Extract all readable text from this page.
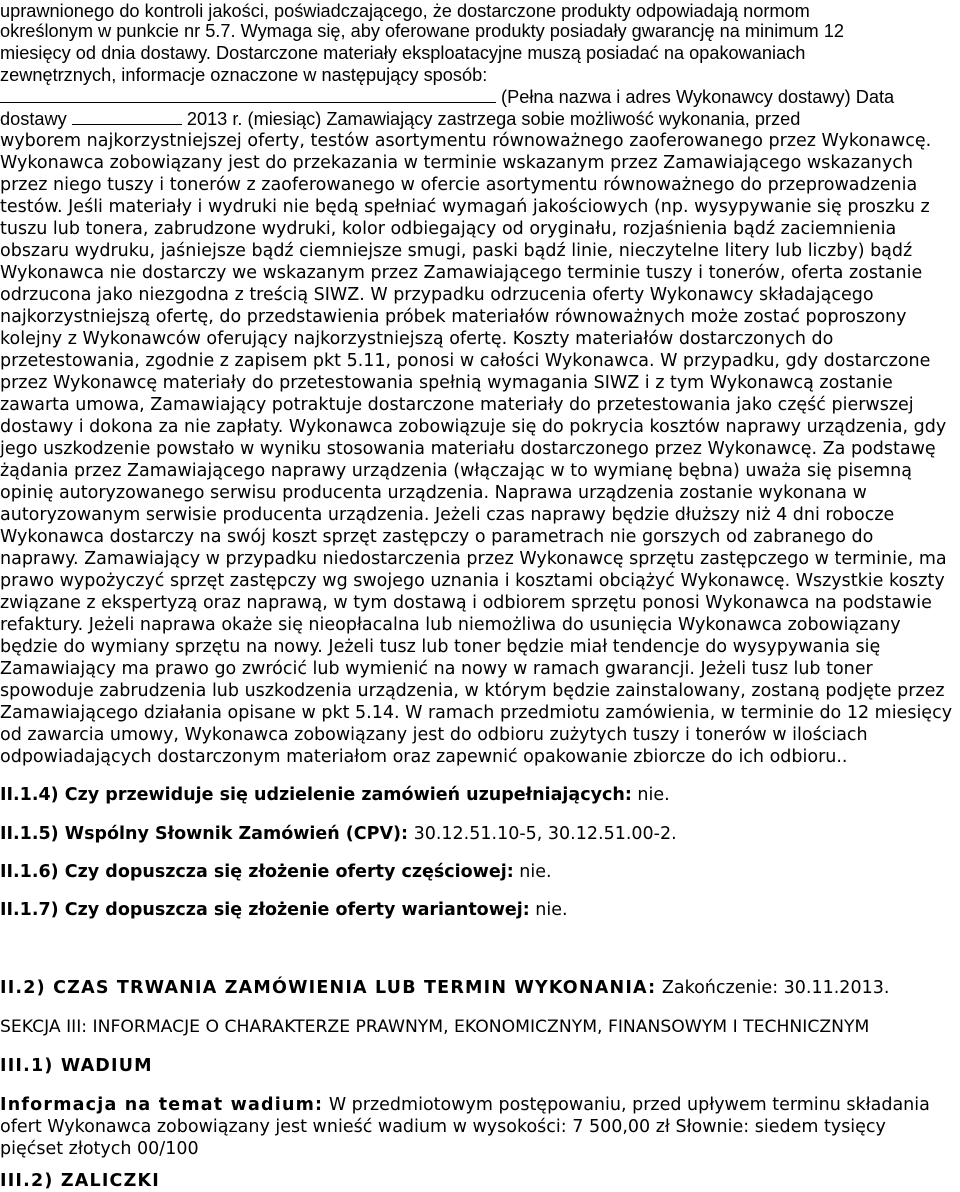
uprawnionego do kontroli jakości, poświadczającego, że dostarczone produkty odpowiadają normom
określonym w punkcie nr 5.7. Wymaga się, aby oferowane produkty posiadały gwarancję na minimum 12
miesięcy od dnia dostawy. Dostarczone materiały eksploatacyjne muszą posiadać na opakowaniach
zewnętrznych, informacje oznaczone w następujący sposób:
(Pełna nazwa i adres Wykonawcy dostawy) Data
dostawy	2013 r. (miesiąc) Zamawiający zastrzega sobie możliwość wykonania, przed
wyborem najkorzystniejszej oferty, testów asortymentu równoważnego zaoferowanego przez Wykonawcę.
Wykonawca zobowiązany jest do przekazania w terminie wskazanym przez Zamawiającego wskazanych
przez niego tuszy i tonerów z zaoferowanego w ofercie asortymentu równoważnego do przeprowadzenia
testów. Jeśli materiały i wydruki nie będą spełniać wymagań jakościowych (np. wysypywanie się proszku z
tuszu lub tonera, zabrudzone wydruki, kolor odbiegający od oryginału, rozjaśnienia bądź zaciemnienia
obszaru wydruku, jaśniejsze bądź ciemniejsze smugi, paski bądź linie, nieczytelne litery lub liczby) bądź
Wykonawca nie dostarczy we wskazanym przez Zamawiającego terminie tuszy i tonerów, oferta zostanie
odrzucona jako niezgodna z treścią SIWZ. W przypadku odrzucenia oferty Wykonawcy składającego
najkorzystniejszą ofertę, do przedstawienia próbek materiałów równoważnych może zostać poproszony
kolejny z Wykonawców oferujący najkorzystniejszą ofertę. Koszty materiałów dostarczonych do
przetestowania, zgodnie z zapisem pkt 5.11, ponosi w całości Wykonawca. W przypadku, gdy dostarczone
przez Wykonawcę materiały do przetestowania spełnią wymagania SIWZ i z tym Wykonawcą zostanie
zawarta umowa, Zamawiający potraktuje dostarczone materiały do przetestowania jako część pierwszej
dostawy i dokona za nie zapłaty. Wykonawca zobowiązuje się do pokrycia kosztów naprawy urządzenia, gdy
jego uszkodzenie powstało w wyniku stosowania materiału dostarczonego przez Wykonawcę. Za podstawę
żądania przez Zamawiającego naprawy urządzenia (włączając w to wymianę bębna) uważa się pisemną
opinię autoryzowanego serwisu producenta urządzenia. Naprawa urządzenia zostanie wykonana w
autoryzowanym serwisie producenta urządzenia. Jeżeli czas naprawy będzie dłuższy niż 4 dni robocze
Wykonawca dostarczy na swój koszt sprzęt zastępczy o parametrach nie gorszych od zabranego do
naprawy. Zamawiający w przypadku niedostarczenia przez Wykonawcę sprzętu zastępczego w terminie, ma
prawo wypożyczyć sprzęt zastępczy wg swojego uznania i kosztami obciążyć Wykonawcę. Wszystkie koszty
związane z ekspertyzą oraz naprawą, w tym dostawą i odbiorem sprzętu ponosi Wykonawca na podstawie
refaktury. Jeżeli naprawa okaże się nieopłacalna lub niemożliwa do usunięcia Wykonawca zobowiązany
będzie do wymiany sprzętu na nowy. Jeżeli tusz lub toner będzie miał tendencje do wysypywania się
Zamawiający ma prawo go zwrócić lub wymienić na nowy w ramach gwarancji. Jeżeli tusz lub toner
spowoduje zabrudzenia lub uszkodzenia urządzenia, w którym będzie zainstalowany, zostaną podjęte przez
Zamawiającego działania opisane w pkt 5.14. W ramach przedmiotu zamówienia, w terminie do 12 miesięcy
od zawarcia umowy, Wykonawca zobowiązany jest do odbioru zużytych tuszy i tonerów w ilościach
odpowiadających dostarczonym materiałom oraz zapewnić opakowanie zbiorcze do ich odbioru..
II.1.4) Czy przewiduje się udzielenie zamówień uzupełniających: nie.
II.1.5) Wspólny Słownik Zamówień (CPV): 30.12.51.10-5, 30.12.51.00-2.
II.1.6) Czy dopuszcza się złożenie oferty częściowej: nie.
II.1.7) Czy dopuszcza się złożenie oferty wariantowej: nie.
II.2) CZAS TRWANIA ZAMÓWIENIA LUB TERMIN WYKONANIA: Zakończenie: 30.11.2013.
SEKCJA III: INFORMACJE O CHARAKTERZE PRAWNYM, EKONOMICZNYM, FINANSOWYM I TECHNICZNYM
III.1) WADIUM
Informacja na temat wadium: W przedmiotowym postępowaniu, przed upływem terminu składania
ofert Wykonawca zobowiązany jest wnieść wadium w wysokości: 7 500,00 zł Słownie: siedem tysięcy
pięćset złotych 00/100
III.2) ZALICZKI
